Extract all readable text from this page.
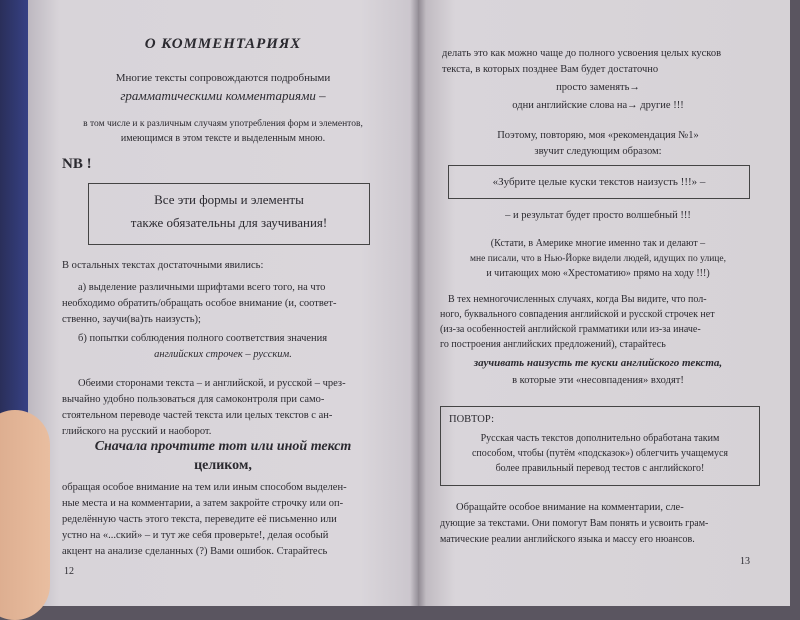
О КОММЕНТАРИЯХ
Многие тексты сопровождаются подробными
грамматическими комментариями –
в том числе и к различным случаям употребления форм и элементов,
имеющимся в этом тексте и выделенным мною.
NB !
Все эти формы и элементы
также обязательны для заучивания!
В остальных текстах достаточными явились:
а) выделение различными шрифтами всего того, на что
необходимо обратить/обращать особое внимание (и, соответ-
ственно, заучи(ва)ть наизусть);
б) попытки соблюдения полного соответствия значения
английских строчек – русским.
Обеими сторонами текста – и английской, и русской – чрез-
вычайно удобно пользоваться для самоконтроля при само-
стоятельном переводе частей текста или целых текстов с ан-
глийского на русский и наоборот.
Сначала прочтите тот или иной текст
целиком,
обращая особое внимание на тем или иным способом выделен-
ные места и на комментарии, а затем закройте строчку или оп-
ределённую часть этого текста, переведите её письменно или
устно на «...ский» – и тут же себя проверьте!, делая особый
акцент на анализе сделанных (?) Вами ошибок. Старайтесь
12
делать это как можно чаще до полного усвоения целых кусков
текста, в которых позднее Вам будет достаточно
просто заменять→
одни английские слова на→ другие !!!
Поэтому, повторяю, моя «рекомендация №1»
звучит следующим образом:
«Зубрите целые куски текстов наизусть !!!» –
– и результат будет просто волшебный !!!
(Кстати, в Америке многие именно так и делают –
мне писали, что в Нью-Йорке видели людей, идущих по улице,
и читающих мою «Хрестоматию» прямо на ходу !!!)
В тех немногочисленных случаях, когда Вы видите, что пол-
ного, буквального совпадения английской и русской строчек нет
(из-за особенностей английской грамматики или из-за иначе-
го построения английских предложений), старайтесь
заучивать наизусть те куски английского текста,
в которые эти «несовпадения» входят!
ПОВТОР:
Русская часть текстов дополнительно обработана таким
способом, чтобы (путём «подсказок») облегчить учащемуся
более правильный перевод тестов с английского!
Обращайте особое внимание на комментарии, сле-
дующие за текстами. Они помогут Вам понять и усвоить грам-
матические реалии английского языка и массу его нюансов.
13
